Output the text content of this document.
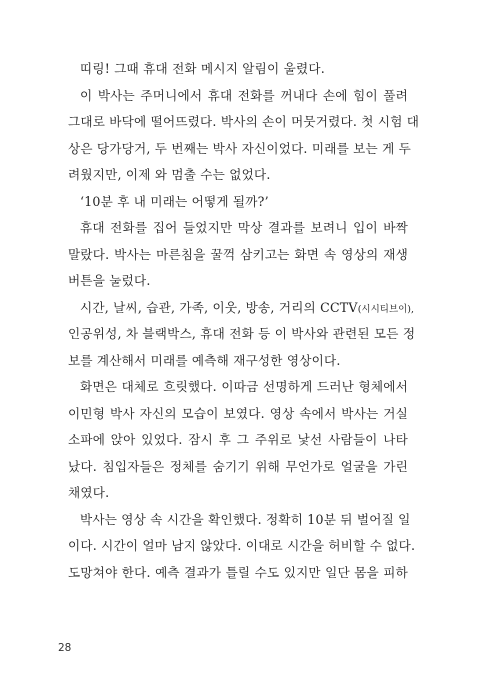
띠링! 그때 휴대 전화 메시지 알림이 울렸다.
이 박사는 주머니에서 휴대 전화를 꺼내다 손에 힘이 풀려
그대로 바닥에 떨어뜨렸다. 박사의 손이 머뭇거렸다. 첫 시험 대
상은 당가당거, 두 번째는 박사 자신이었다. 미래를 보는 게 두
려웠지만, 이제 와 멈출 수는 없었다.
‘10분 후 내 미래는 어떻게 될까?’
휴대 전화를 집어 들었지만 막상 결과를 보려니 입이 바짝
말랐다. 박사는 마른침을 꿀꺽 삼키고는 화면 속 영상의 재생
버튼을 눌렀다.
시간, 날씨, 습관, 가족, 이웃, 방송, 거리의 CCTV(시시티브이),
인공위성, 차 블랙박스, 휴대 전화 등 이 박사와 관련된 모든 정
보를 계산해서 미래를 예측해 재구성한 영상이다.
화면은 대체로 흐릿했다. 이따금 선명하게 드러난 형체에서
이민형 박사 자신의 모습이 보였다. 영상 속에서 박사는 거실
소파에 앉아 있었다. 잠시 후 그 주위로 낯선 사람들이 나타
났다. 침입자들은 정체를 숨기기 위해 무언가로 얼굴을 가린
채였다.
박사는 영상 속 시간을 확인했다. 정확히 10분 뒤 벌어질 일
이다. 시간이 얼마 남지 않았다. 이대로 시간을 허비할 수 없다.
도망쳐야 한다. 예측 결과가 틀릴 수도 있지만 일단 몸을 피하
28
